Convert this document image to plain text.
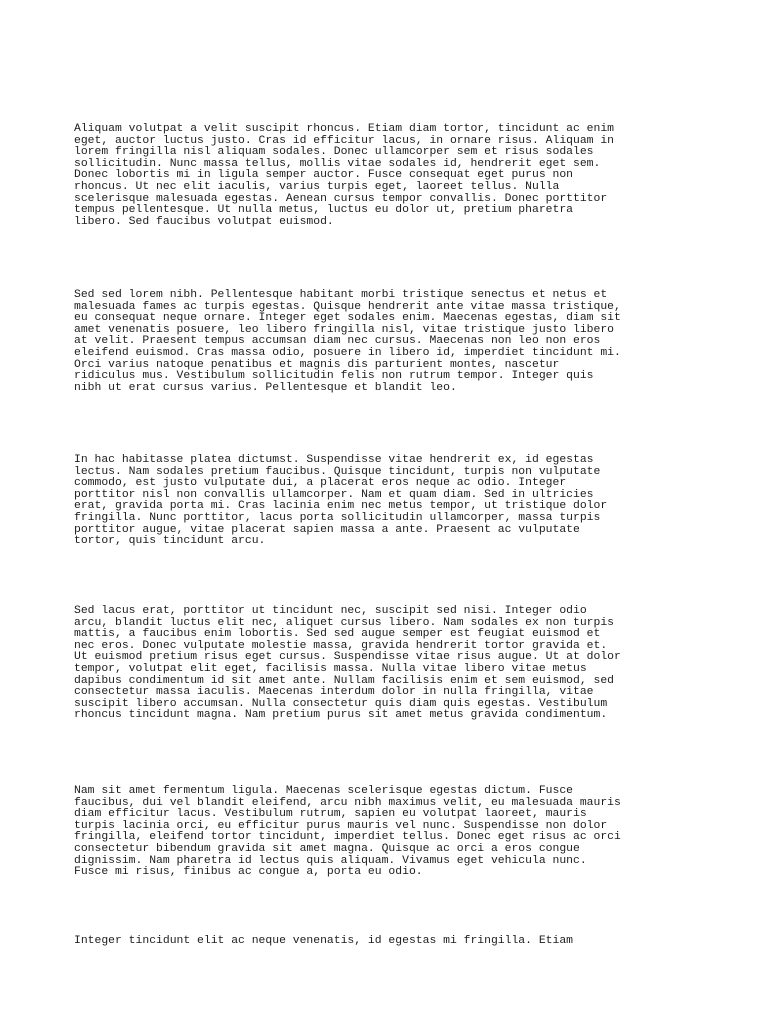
Aliquam volutpat a velit suscipit rhoncus. Etiam diam tortor, tincidunt ac enim
eget, auctor luctus justo. Cras id efficitur lacus, in ornare risus. Aliquam in
lorem fringilla nisl aliquam sodales. Donec ullamcorper sem et risus sodales
sollicitudin. Nunc massa tellus, mollis vitae sodales id, hendrerit eget sem.
Donec lobortis mi in ligula semper auctor. Fusce consequat eget purus non
rhoncus. Ut nec elit iaculis, varius turpis eget, laoreet tellus. Nulla
scelerisque malesuada egestas. Aenean cursus tempor convallis. Donec porttitor
tempus pellentesque. Ut nulla metus, luctus eu dolor ut, pretium pharetra
libero. Sed faucibus volutpat euismod.

Sed sed lorem nibh. Pellentesque habitant morbi tristique senectus et netus et
malesuada fames ac turpis egestas. Quisque hendrerit ante vitae massa tristique,
eu consequat neque ornare. Integer eget sodales enim. Maecenas egestas, diam sit
amet venenatis posuere, leo libero fringilla nisl, vitae tristique justo libero
at velit. Praesent tempus accumsan diam nec cursus. Maecenas non leo non eros
eleifend euismod. Cras massa odio, posuere in libero id, imperdiet tincidunt mi.
Orci varius natoque penatibus et magnis dis parturient montes, nascetur
ridiculus mus. Vestibulum sollicitudin felis non rutrum tempor. Integer quis
nibh ut erat cursus varius. Pellentesque et blandit leo.

In hac habitasse platea dictumst. Suspendisse vitae hendrerit ex, id egestas
lectus. Nam sodales pretium faucibus. Quisque tincidunt, turpis non vulputate
commodo, est justo vulputate dui, a placerat eros neque ac odio. Integer
porttitor nisl non convallis ullamcorper. Nam et quam diam. Sed in ultricies
erat, gravida porta mi. Cras lacinia enim nec metus tempor, ut tristique dolor
fringilla. Nunc porttitor, lacus porta sollicitudin ullamcorper, massa turpis
porttitor augue, vitae placerat sapien massa a ante. Praesent ac vulputate
tortor, quis tincidunt arcu.

Sed lacus erat, porttitor ut tincidunt nec, suscipit sed nisi. Integer odio
arcu, blandit luctus elit nec, aliquet cursus libero. Nam sodales ex non turpis
mattis, a faucibus enim lobortis. Sed sed augue semper est feugiat euismod et
nec eros. Donec vulputate molestie massa, gravida hendrerit tortor gravida et.
Ut euismod pretium risus eget cursus. Suspendisse vitae risus augue. Ut at dolor
tempor, volutpat elit eget, facilisis massa. Nulla vitae libero vitae metus
dapibus condimentum id sit amet ante. Nullam facilisis enim et sem euismod, sed
consectetur massa iaculis. Maecenas interdum dolor in nulla fringilla, vitae
suscipit libero accumsan. Nulla consectetur quis diam quis egestas. Vestibulum
rhoncus tincidunt magna. Nam pretium purus sit amet metus gravida condimentum.

Nam sit amet fermentum ligula. Maecenas scelerisque egestas dictum. Fusce
faucibus, dui vel blandit eleifend, arcu nibh maximus velit, eu malesuada mauris
diam efficitur lacus. Vestibulum rutrum, sapien eu volutpat laoreet, mauris
turpis lacinia orci, eu efficitur purus mauris vel nunc. Suspendisse non dolor
fringilla, eleifend tortor tincidunt, imperdiet tellus. Donec eget risus ac orci
consectetur bibendum gravida sit amet magna. Quisque ac orci a eros congue
dignissim. Nam pharetra id lectus quis aliquam. Vivamus eget vehicula nunc.
Fusce mi risus, finibus ac congue a, porta eu odio.

Integer tincidunt elit ac neque venenatis, id egestas mi fringilla. Etiam
